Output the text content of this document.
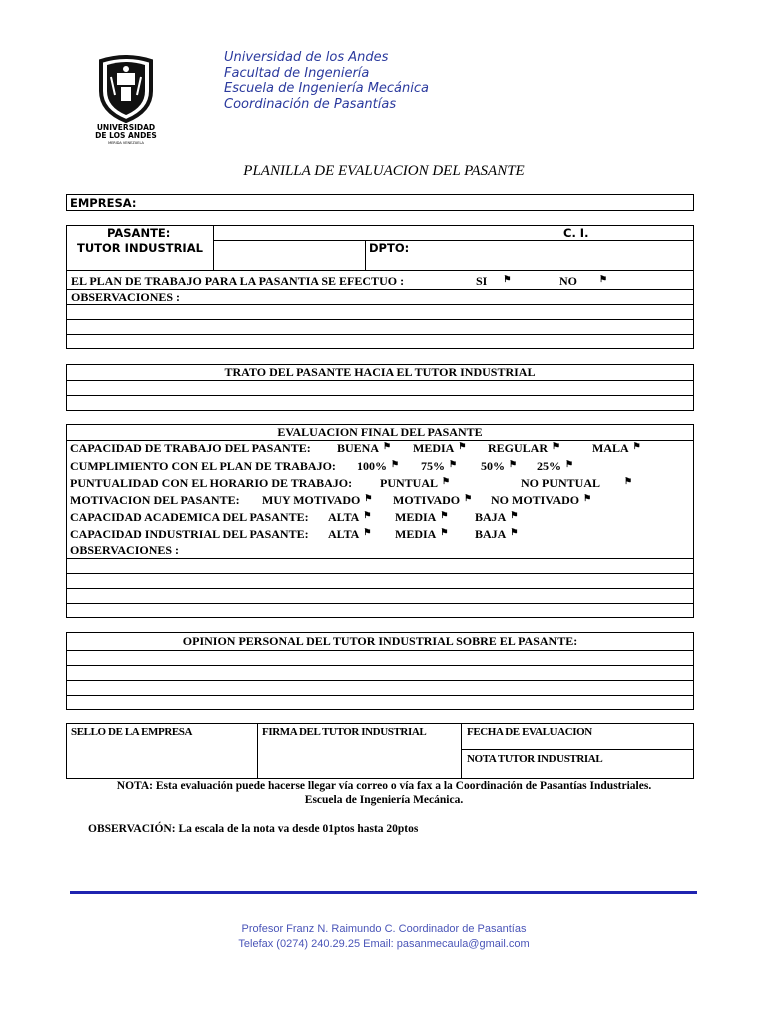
UNIVERSIDAD
DE LOS ANDES
MERIDA VENEZUELA
Universidad de los Andes
Facultad de Ingeniería
Escuela de Ingeniería Mecánica
Coordinación de Pasantías
PLANILLA DE EVALUACION DEL PASANTE
EMPRESA:
PASANTE:	C. I.
TUTOR INDUSTRIAL	DPTO:
EL PLAN DE TRABAJO PARA LA PASANTIA SE EFECTUO :	SI ⚑	NO ⚑
OBSERVACIONES :
TRATO DEL PASANTE HACIA EL TUTOR INDUSTRIAL
EVALUACION FINAL DEL PASANTE
CAPACIDAD DE TRABAJO DEL PASANTE: BUENA ⚑ MEDIA ⚑ REGULAR ⚑	MALA ⚑
CUMPLIMIENTO CON EL PLAN DE TRABAJO: 100% ⚑ 75% ⚑ 50% ⚑ 25% ⚑
PUNTUALIDAD CON EL HORARIO DE TRABAJO: PUNTUAL ⚑	NO PUNTUAL	⚑
MOTIVACION DEL PASANTE: MUY MOTIVADO ⚑ MOTIVADO ⚑ NO MOTIVADO ⚑
CAPACIDAD ACADEMICA DEL PASANTE: ALTA ⚑ MEDIA ⚑ BAJA ⚑
CAPACIDAD INDUSTRIAL DEL PASANTE: ALTA ⚑ MEDIA ⚑ BAJA ⚑
OBSERVACIONES :
OPINION PERSONAL DEL TUTOR INDUSTRIAL SOBRE EL PASANTE:
SELLO DE LA EMPRESA	FIRMA DEL TUTOR INDUSTRIAL	FECHA DE EVALUACION
NOTA TUTOR INDUSTRIAL
NOTA: Esta evaluación puede hacerse llegar vía correo o vía fax a la Coordinación de Pasantías Industriales.
Escuela de Ingeniería Mecánica.
OBSERVACIÓN: La escala de la nota va desde 01ptos hasta 20ptos
Profesor Franz N. Raimundo C. Coordinador de Pasantías
Telefax (0274) 240.29.25 Email: pasanmecaula@gmail.com
